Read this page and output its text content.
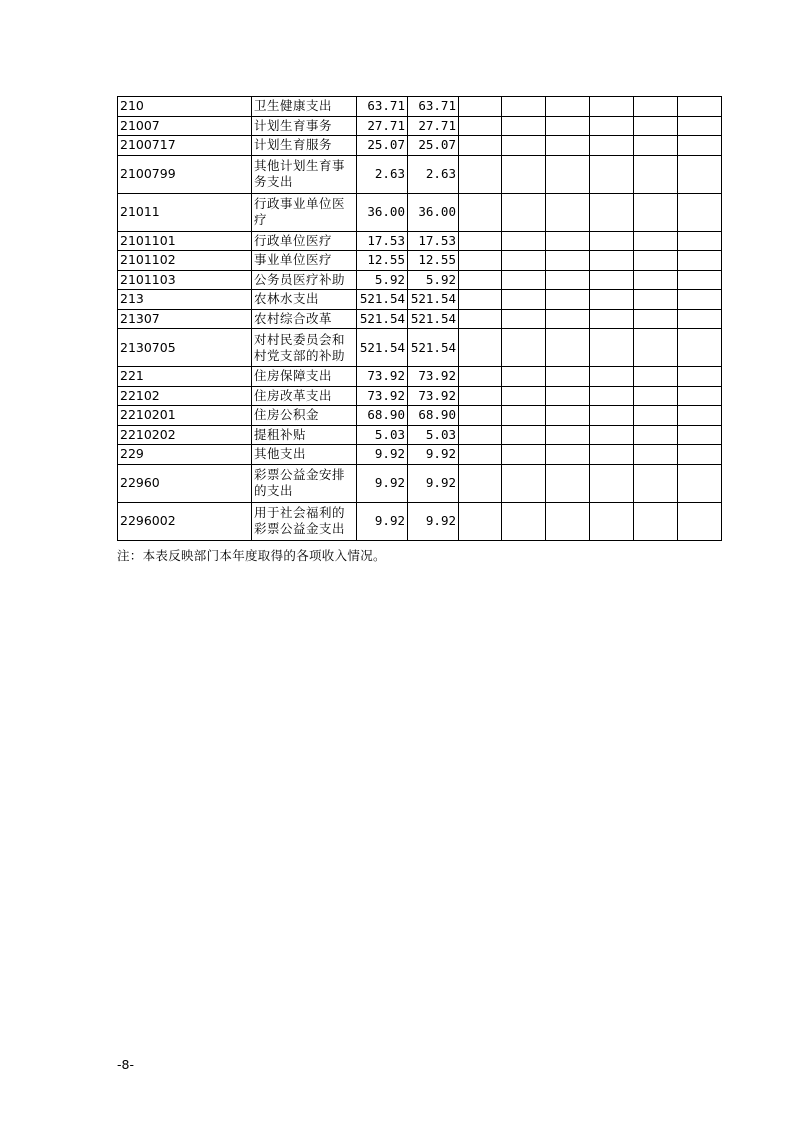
210	卫生健康支出	63.71	63.71						
21007	计划生育事务	27.71	27.71						
2100717	计划生育服务	25.07	25.07						
2100799	其他计划生育事务支出	2.63	2.63						
21011	行政事业单位医疗	36.00	36.00						
2101101	行政单位医疗	17.53	17.53						
2101102	事业单位医疗	12.55	12.55						
2101103	公务员医疗补助	5.92	5.92						
213	农林水支出	521.54	521.54						
21307	农村综合改革	521.54	521.54						
2130705	对村民委员会和村党支部的补助	521.54	521.54						
221	住房保障支出	73.92	73.92						
22102	住房改革支出	73.92	73.92						
2210201	住房公积金	68.90	68.90						
2210202	提租补贴	5.03	5.03						
229	其他支出	9.92	9.92						
22960	彩票公益金安排的支出	9.92	9.92						
2296002	用于社会福利的彩票公益金支出	9.92	9.92						
注：本表反映部门本年度取得的各项收入情况。
-8-
